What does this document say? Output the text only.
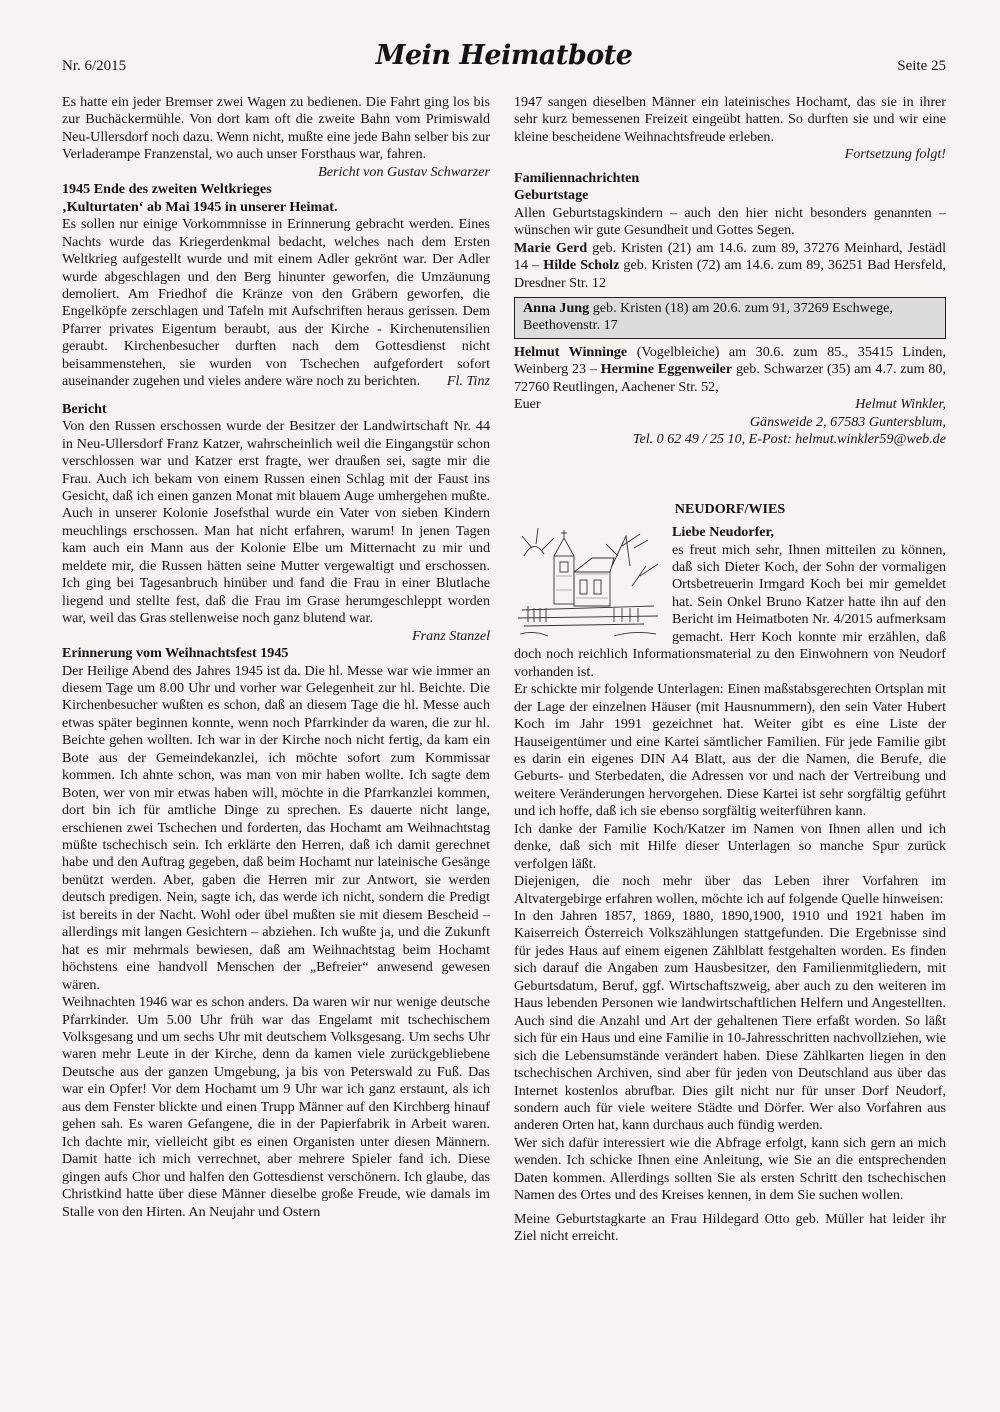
Nr. 6/2015	Mein Heimatbote	Seite 25

Es hatte ein jeder Bremser zwei Wagen zu bedienen. Die Fahrt ging los bis zur Buchäckermühle. Von dort kam oft die zweite Bahn vom Primiswald Neu-Ullersdorf noch dazu. Wenn nicht, mußte eine jede Bahn selber bis zur Verladerampe Franzenstal, wo auch unser Forsthaus war, fahren.

Bericht von Gustav Schwarzer

1945 Ende des zweiten Weltkrieges
‚Kulturtaten‘ ab Mai 1945 in unserer Heimat.

Es sollen nur einige Vorkommnisse in Erinnerung gebracht werden. Eines Nachts wurde das Kriegerdenkmal bedacht, welches nach dem Ersten Weltkrieg aufgestellt wurde und mit einem Adler gekrönt war. Der Adler wurde abgeschlagen und den Berg hinunter geworfen, die Umzäunung demoliert. Am Friedhof die Kränze von den Gräbern geworfen, die Engelköpfe zerschlagen und Tafeln mit Aufschriften heraus gerissen. Dem Pfarrer privates Eigentum beraubt, aus der Kirche - Kirchenutensilien geraubt. Kirchenbesucher durften nach dem Gottesdienst nicht beisammenstehen, sie wurden von Tschechen aufgefordert sofort auseinander zugehen und vieles andere wäre noch zu berichten. Fl. Tinz

Bericht

Von den Russen erschossen wurde der Besitzer der Landwirtschaft Nr. 44 in Neu-Ullersdorf Franz Katzer, wahrscheinlich weil die Eingangstür schon verschlossen war und Katzer erst fragte, wer draußen sei, sagte mir die Frau. Auch ich bekam von einem Russen einen Schlag mit der Faust ins Gesicht, daß ich einen ganzen Monat mit blauem Auge umhergehen mußte. Auch in unserer Kolonie Josefsthal wurde ein Vater von sieben Kindern meuchlings erschossen. Man hat nicht erfahren, warum! In jenen Tagen kam auch ein Mann aus der Kolonie Elbe um Mitternacht zu mir und meldete mir, die Russen hätten seine Mutter vergewaltigt und erschossen. Ich ging bei Tagesanbruch hinüber und fand die Frau in einer Blutlache liegend und stellte fest, daß die Frau im Grase herumgeschleppt worden war, weil das Gras stellenweise noch ganz blutend war.

Franz Stanzel

Erinnerung vom Weihnachtsfest 1945

Der Heilige Abend des Jahres 1945 ist da. Die hl. Messe war wie immer an diesem Tage um 8.00 Uhr und vorher war Gelegenheit zur hl. Beichte. Die Kirchenbesucher wußten es schon, daß an diesem Tage die hl. Messe auch etwas später beginnen konnte, wenn noch Pfarrkinder da waren, die zur hl. Beichte gehen wollten. Ich war in der Kirche noch nicht fertig, da kam ein Bote aus der Gemeindekanzlei, ich möchte sofort zum Kommissar kommen. Ich ahnte schon, was man von mir haben wollte. Ich sagte dem Boten, wer von mir etwas haben will, möchte in die Pfarrkanzlei kommen, dort bin ich für amtliche Dinge zu sprechen. Es dauerte nicht lange, erschienen zwei Tschechen und forderten, das Hochamt am Weihnachtstag müßte tschechisch sein. Ich erklärte den Herren, daß ich damit gerechnet habe und den Auftrag gegeben, daß beim Hochamt nur lateinische Gesänge benützt werden. Aber, gaben die Herren mir zur Antwort, sie werden deutsch predigen. Nein, sagte ich, das werde ich nicht, sondern die Predigt ist bereits in der Nacht. Wohl oder übel mußten sie mit diesem Bescheid – allerdings mit langen Gesichtern – abziehen. Ich wußte ja, und die Zukunft hat es mir mehrmals bewiesen, daß am Weihnachtstag beim Hochamt höchstens eine handvoll Menschen der „Befreier“ anwesend gewesen wären.

Weihnachten 1946 war es schon anders. Da waren wir nur wenige deutsche Pfarrkinder. Um 5.00 Uhr früh war das Engelamt mit tschechischem Volksgesang und um sechs Uhr mit deutschem Volksgesang. Um sechs Uhr waren mehr Leute in der Kirche, denn da kamen viele zurückgebliebene Deutsche aus der ganzen Umgebung, ja bis von Peterswald zu Fuß. Das war ein Opfer! Vor dem Hochamt um 9 Uhr war ich ganz erstaunt, als ich aus dem Fenster blickte und einen Trupp Männer auf den Kirchberg hinauf gehen sah. Es waren Gefangene, die in der Papierfabrik in Arbeit waren. Ich dachte mir, vielleicht gibt es einen Organisten unter diesen Männern. Damit hatte ich mich verrechnet, aber mehrere Spieler fand ich. Diese gingen aufs Chor und halfen den Gottesdienst verschönern. Ich glaube, das Christkind hatte über diese Männer dieselbe große Freude, wie damals im Stalle von den Hirten. An Neujahr und Ostern

1947 sangen dieselben Männer ein lateinisches Hochamt, das sie in ihrer sehr kurz bemessenen Freizeit eingeübt hatten. So durften sie und wir eine kleine bescheidene Weihnachtsfreude erleben.

Fortsetzung folgt!

Familiennachrichten
Geburtstage

Allen Geburtstagskindern – auch den hier nicht besonders genannten – wünschen wir gute Gesundheit und Gottes Segen.

Marie Gerd geb. Kristen (21) am 14.6. zum 89, 37276 Meinhard, Jestädl 14 – Hilde Scholz geb. Kristen (72) am 14.6. zum 89, 36251 Bad Hersfeld, Dresdner Str. 12

Anna Jung geb. Kristen (18) am 20.6. zum 91, 37269 Eschwege, Beethovenstr. 17

Helmut Winninge (Vogelbleiche) am 30.6. zum 85., 35415 Linden, Weinberg 23 – Hermine Eggenweiler geb. Schwarzer (35) am 4.7. zum 80, 72760 Reutlingen, Aachener Str. 52,

Euer	Helmut Winkler,

Gänsweide 2, 67583 Guntersblum,

Tel. 0 62 49 / 25 10, E-Post: helmut.winkler59@web.de

NEUDORF/WIES

Liebe Neudorfer,

es freut mich sehr, Ihnen mitteilen zu können, daß sich Dieter Koch, der Sohn der vormaligen Ortsbetreuerin Irmgard Koch bei mir gemeldet hat. Sein Onkel Bruno Katzer hatte ihn auf den Bericht im Heimatboten Nr. 4/2015 aufmerksam gemacht. Herr Koch konnte mir erzählen, daß doch noch reichlich Informationsmaterial zu den Einwohnern von Neudorf vorhanden ist.

Er schickte mir folgende Unterlagen: Einen maßstabsgerechten Ortsplan mit der Lage der einzelnen Häuser (mit Hausnummern), den sein Vater Hubert Koch im Jahr 1991 gezeichnet hat. Weiter gibt es eine Liste der Hauseigentümer und eine Kartei sämtlicher Familien. Für jede Familie gibt es darin ein eigenes DIN A4 Blatt, aus der die Namen, die Berufe, die Geburts- und Sterbedaten, die Adressen vor und nach der Vertreibung und weitere Veränderungen hervorgehen. Diese Kartei ist sehr sorgfältig geführt und ich hoffe, daß ich sie ebenso sorgfältig weiterführen kann.

Ich danke der Familie Koch/Katzer im Namen von Ihnen allen und ich denke, daß sich mit Hilfe dieser Unterlagen so manche Spur zurück verfolgen läßt.

Diejenigen, die noch mehr über das Leben ihrer Vorfahren im Altvatergebirge erfahren wollen, möchte ich auf folgende Quelle hinweisen:

In den Jahren 1857, 1869, 1880, 1890,1900, 1910 und 1921 haben im Kaiserreich Österreich Volkszählungen stattgefunden. Die Ergebnisse sind für jedes Haus auf einem eigenen Zählblatt festgehalten worden. Es finden sich darauf die Angaben zum Hausbesitzer, den Familienmitgliedern, mit Geburtsdatum, Beruf, ggf. Wirtschaftszweig, aber auch zu den weiteren im Haus lebenden Personen wie landwirtschaftlichen Helfern und Angestellten. Auch sind die Anzahl und Art der gehaltenen Tiere erfaßt worden. So läßt sich für ein Haus und eine Familie in 10-Jahresschritten nachvollziehen, wie sich die Lebensumstände verändert haben. Diese Zählkarten liegen in den tschechischen Archiven, sind aber für jeden von Deutschland aus über das Internet kostenlos abrufbar. Dies gilt nicht nur für unser Dorf Neudorf, sondern auch für viele weitere Städte und Dörfer. Wer also Vorfahren aus anderen Orten hat, kann durchaus auch fündig werden.

Wer sich dafür interessiert wie die Abfrage erfolgt, kann sich gern an mich wenden. Ich schicke Ihnen eine Anleitung, wie Sie an die entsprechenden Daten kommen. Allerdings sollten Sie als ersten Schritt den tschechischen Namen des Ortes und des Kreises kennen, in dem Sie suchen wollen.

Meine Geburtstagkarte an Frau Hildegard Otto geb. Müller hat leider ihr Ziel nicht erreicht.
